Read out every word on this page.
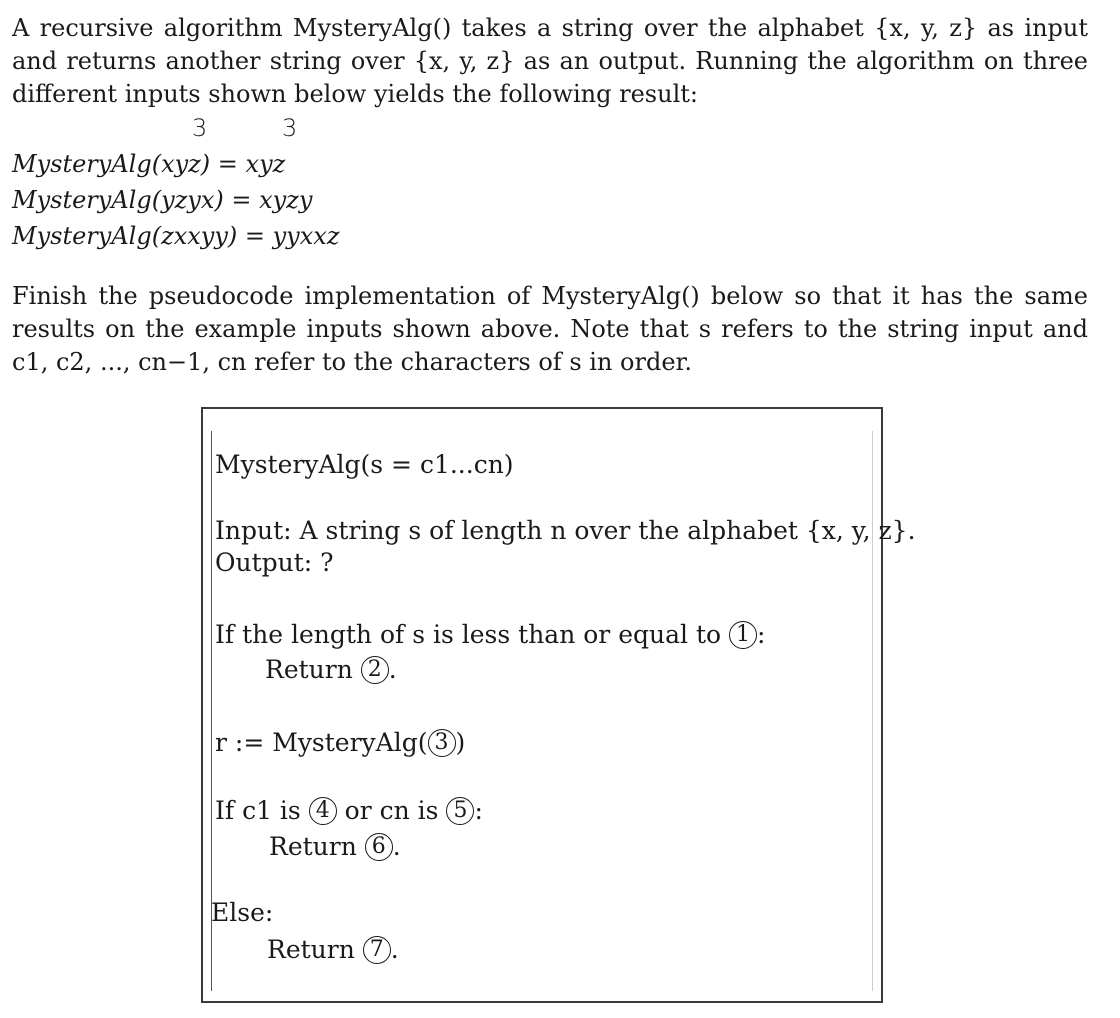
A recursive algorithm MysteryAlg() takes a string over the alphabet {x, y, z} as input and returns another string over {x, y, z} as an output. Running the algorithm on three different inputs shown below yields the following result:
3	3
MysteryAlg(xyz) = xyz
MysteryAlg(yzyx) = xyzy
MysteryAlg(zxxyy) = yyxxz
Finish the pseudocode implementation of MysteryAlg() below so that it has the same results on the example inputs shown above. Note that s refers to the string input and c1, c2, ..., cn−1, cn refer to the characters of s in order.
MysteryAlg(s = c1...cn)
Input: A string s of length n over the alphabet {x, y, z}.
Output: ?
If the length of s is less than or equal to 1 :
Return 2 .
r := MysteryAlg( 3 )
If c1 is 4 or cn is 5 :
Return 6 .
Else:
Return 7 .
